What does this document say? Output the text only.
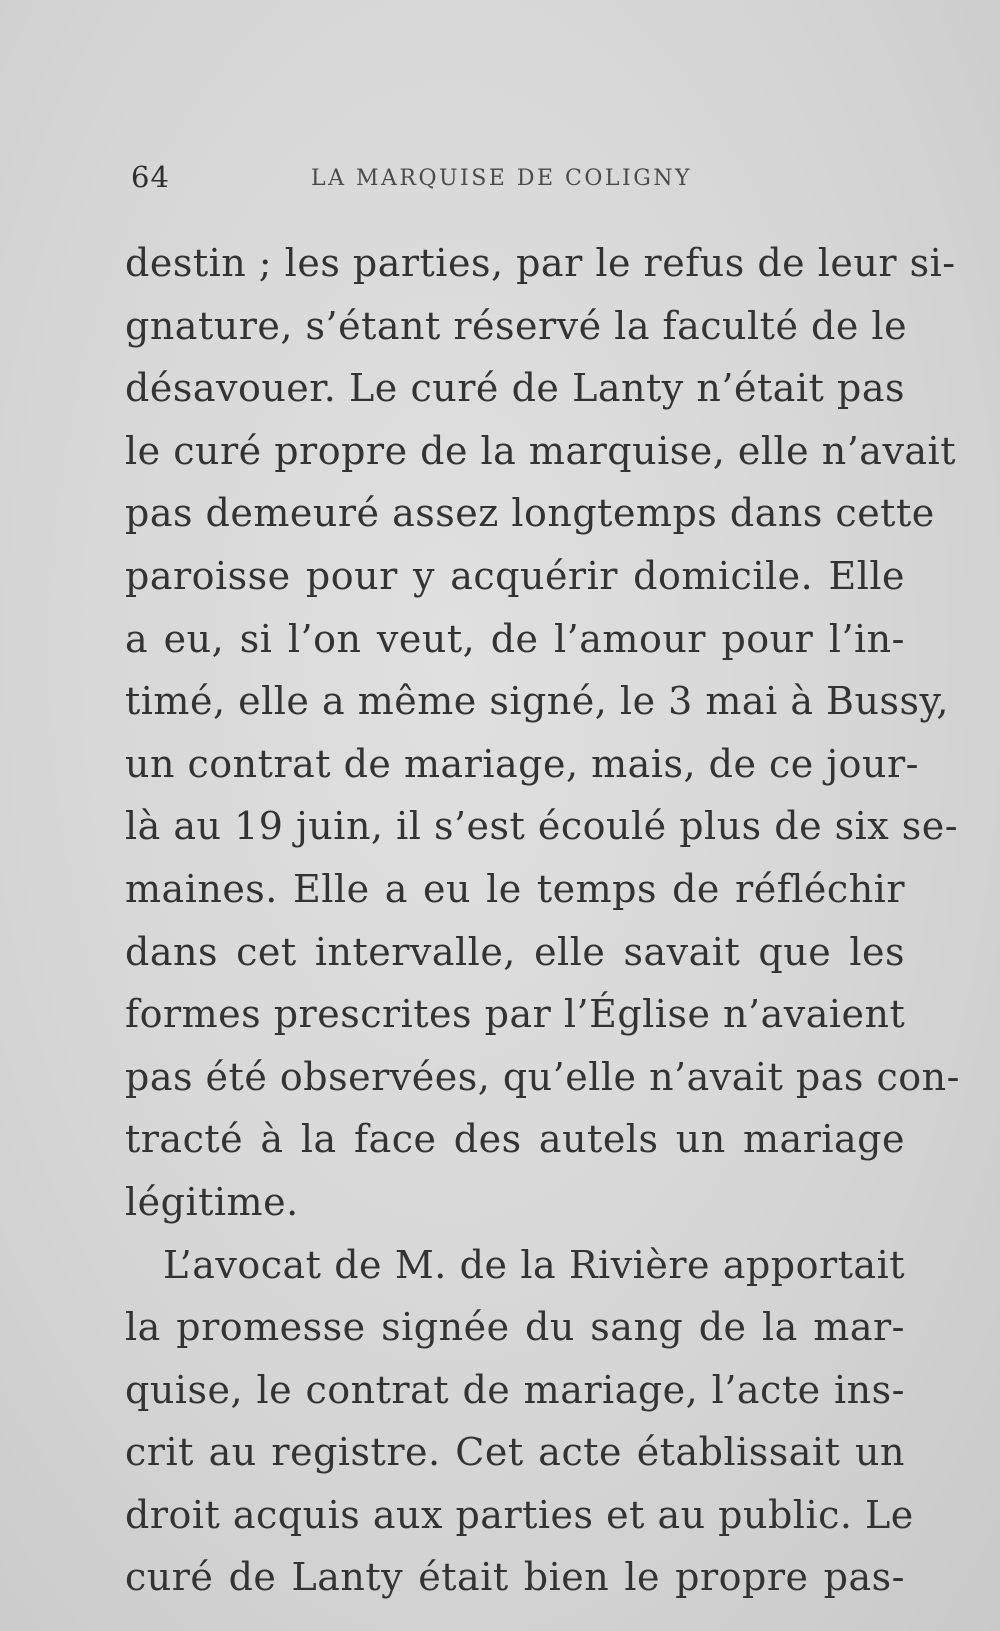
64	LA MARQUISE DE COLIGNY
destin ; les parties, par le refus de leur si-
gnature, s’étant réservé la faculté de le
désavouer. Le curé de Lanty n’était pas
le curé propre de la marquise, elle n’avait
pas demeuré assez longtemps dans cette
paroisse pour y acquérir domicile. Elle
a eu, si l’on veut, de l’amour pour l’in-
timé, elle a même signé, le 3 mai à Bussy,
un contrat de mariage, mais, de ce jour-
là au 19 juin, il s’est écoulé plus de six se-
maines. Elle a eu le temps de réfléchir
dans cet intervalle, elle savait que les
formes prescrites par l’Église n’avaient
pas été observées, qu’elle n’avait pas con-
tracté à la face des autels un mariage
légitime.
L’avocat de M. de la Rivière apportait
la promesse signée du sang de la mar-
quise, le contrat de mariage, l’acte ins-
crit au registre. Cet acte établissait un
droit acquis aux parties et au public. Le
curé de Lanty était bien le propre pas-
